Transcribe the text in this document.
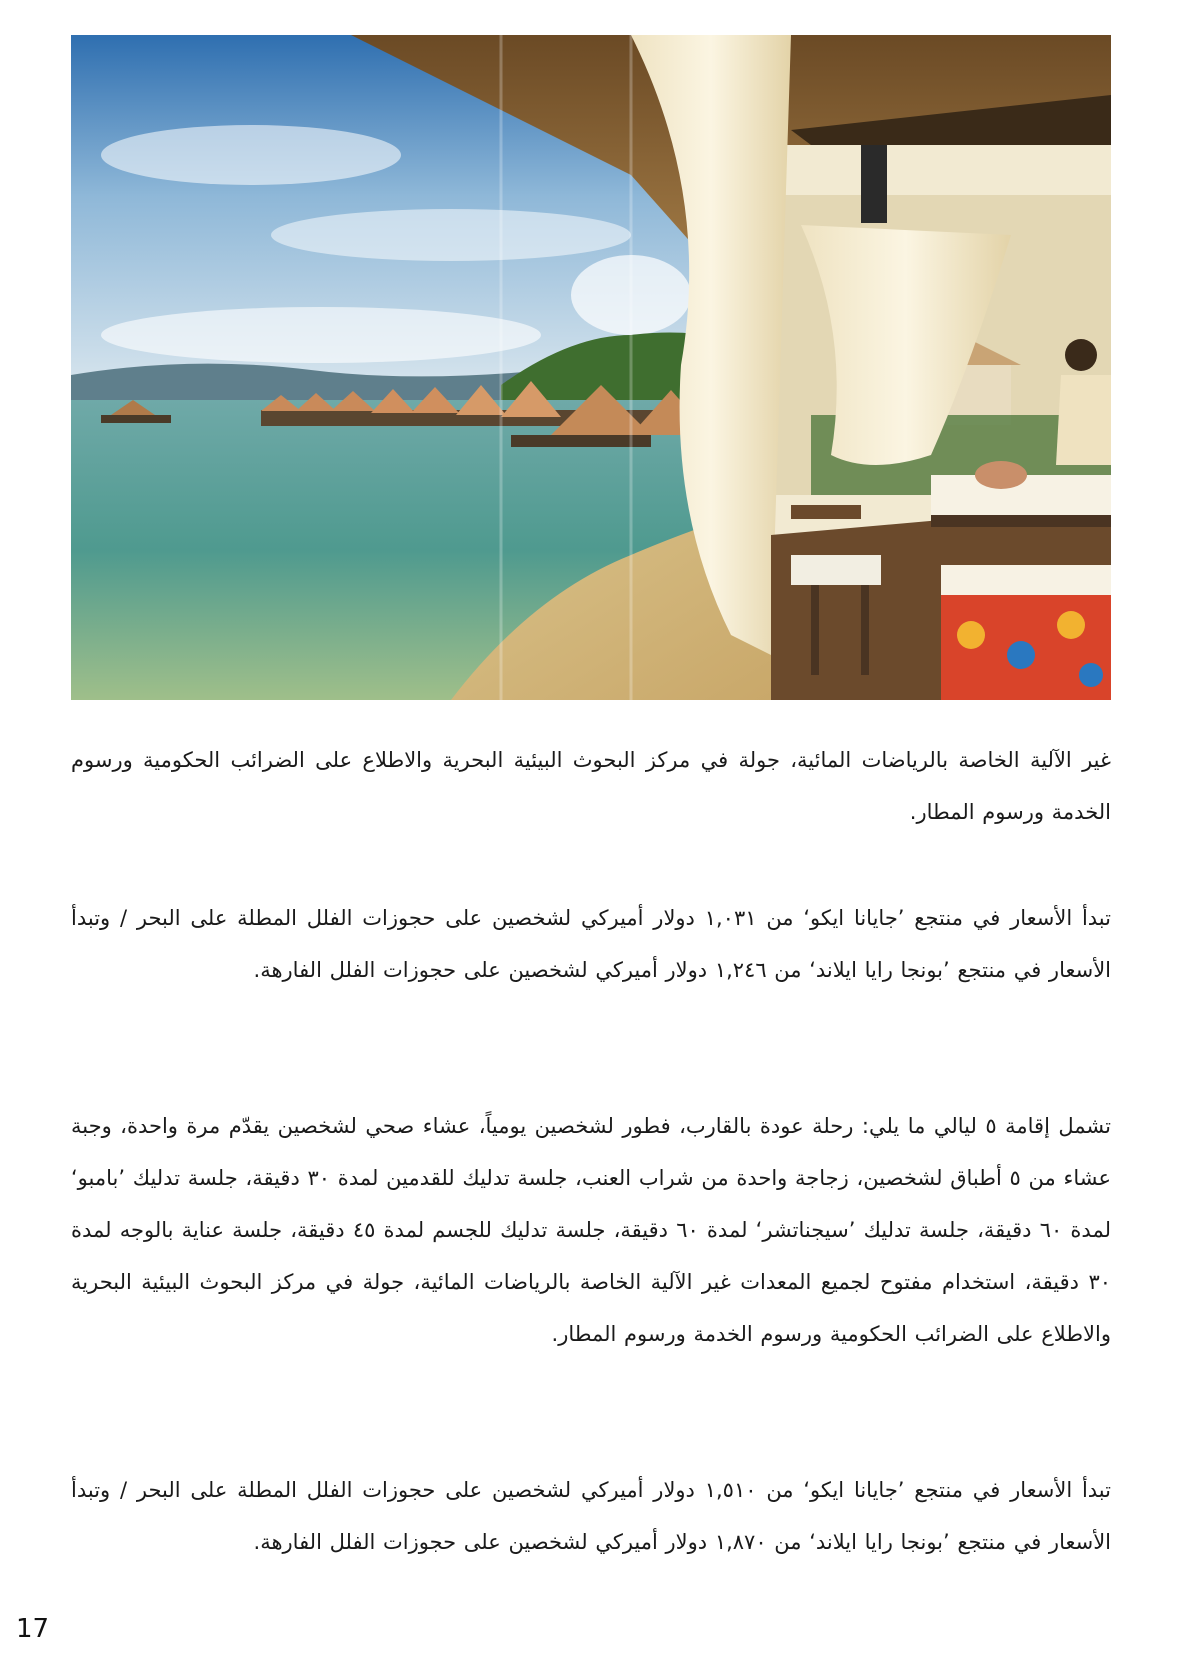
غير الآلية الخاصة بالرياضات المائية، جولة في مركز البحوث البيئية البحرية والاطلاع على الضرائب الحكومية ورسوم الخدمة ورسوم المطار.
تبدأ الأسعار في منتجع ’جايانا ايكو‘ من ١,٠٣١ دولار أميركي لشخصين على حجوزات الفلل المطلة على البحر / وتبدأ الأسعار في منتجع ’بونجا رايا ايلاند‘ من ١,٢٤٦ دولار أميركي لشخصين على حجوزات الفلل الفارهة.
تشمل إقامة ٥ ليالي ما يلي: رحلة عودة بالقارب، فطور لشخصين يومياً، عشاء صحي لشخصين يقدّم مرة واحدة، وجبة عشاء من ٥ أطباق لشخصين، زجاجة واحدة من شراب العنب، جلسة تدليك للقدمين لمدة ٣٠ دقيقة، جلسة تدليك ’بامبو‘ لمدة ٦٠ دقيقة، جلسة تدليك ’سيجناتشر‘ لمدة ٦٠ دقيقة، جلسة تدليك للجسم لمدة ٤٥ دقيقة، جلسة عناية بالوجه لمدة ٣٠ دقيقة، استخدام مفتوح لجميع المعدات غير الآلية الخاصة بالرياضات المائية، جولة في مركز البحوث البيئية البحرية والاطلاع على الضرائب الحكومية ورسوم الخدمة ورسوم المطار.
تبدأ الأسعار في منتجع ’جايانا ايكو‘ من ١,٥١٠ دولار أميركي لشخصين على حجوزات الفلل المطلة على البحر / وتبدأ الأسعار في منتجع ’بونجا رايا ايلاند‘ من ١,٨٧٠ دولار أميركي لشخصين على حجوزات الفلل الفارهة.
17
